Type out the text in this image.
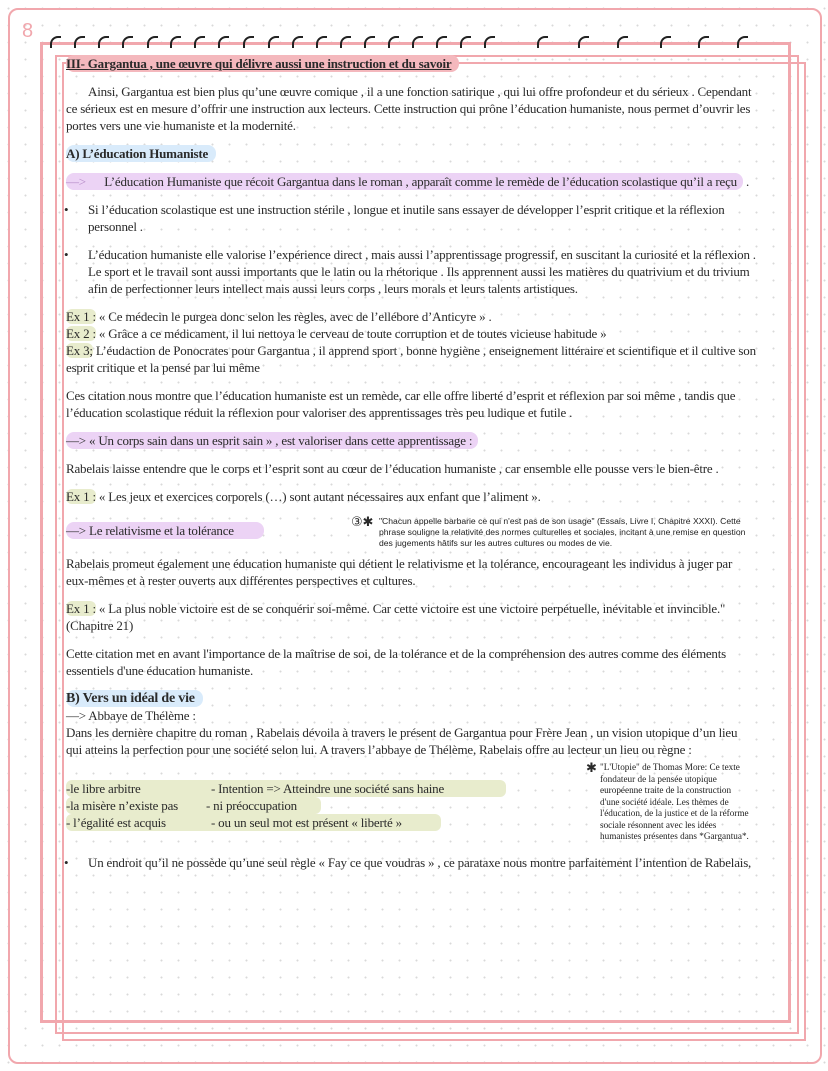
8
III- Gargantua , une œuvre qui délivre aussi une instruction et du savoir
Ainsi, Gargantua est bien plus qu’une œuvre comique , il a une fonction satirique , qui lui offre profondeur et du sérieux . Cependant ce sérieux est en mesure d’offrir une instruction aux lecteurs. Cette instruction qui prône l’éducation humaniste, nous permet d’ouvrir les portes vers une vie humaniste et la modernité.
A) L’éducation Humaniste
—> L’éducation Humaniste que récoit Gargantua dans le roman , apparaît comme le remède de l’éducation scolastique qu’il a reçu .
• Si l’éducation scolastique est une instruction stérile , longue et inutile sans essayer de développer l’esprit critique et la réflexion personnel .
• L’éducation humaniste elle valorise l’expérience direct , mais aussi l’apprentissage progressif, en suscitant la curiosité et la réflexion . Le sport et le travail sont aussi importants que le latin ou la rhétorique . Ils apprennent aussi les matières du quatrivium et du trivium afin de perfectionner leurs intellect mais aussi leurs corps , leurs morals et leurs talents artistiques.
Ex 1 : « Ce médecin le purgea donc selon les règles, avec de l’ellébore d’Anticyre » .
Ex 2 : « Grâce a ce médicament, il lui nettoya le cerveau de toute corruption et de toutes vicieuse habitude »
Ex 3; L’éudaction de Ponocrates pour Gargantua , il apprend sport , bonne hygiène , enseignement littéraire et scientifique et il cultive son esprit critique et la pensé par lui même
Ces citation nous montre que l’éducation humaniste est un remède, car elle offre liberté d’esprit et réflexion par soi même , tandis que l’éducation scolastique réduit la réflexion pour valoriser des apprentissages très peu ludique et futile .
—> « Un corps sain dans un esprit sain » , est valoriser dans cette apprentissage :
Rabelais laisse entendre que le corps et l’esprit sont au cœur de l’éducation humaniste , car ensemble elle pousse vers le bien-être .
Ex 1 : « Les jeux et exercices corporels (…) sont autant nécessaires aux enfant que l’aliment ».
—> Le relativisme et la tolérance
③✱ "Chacun appelle barbarie ce qui n'est pas de son usage" (Essais, Livre I, Chapitre XXXI). Cette phrase souligne la relativité des normes culturelles et sociales, incitant à une remise en question des jugements hâtifs sur les autres cultures ou modes de vie.
Rabelais promeut également une éducation humaniste qui détient le relativisme et la tolérance, encourageant les individus à juger par eux-mêmes et à rester ouverts aux différentes perspectives et cultures.
Ex 1 : « La plus noble victoire est de se conquérir soi-même. Car cette victoire est une victoire perpétuelle, inévitable et invincible." (Chapitre 21)
Cette citation met en avant l'importance de la maîtrise de soi, de la tolérance et de la compréhension des autres comme des éléments essentiels d'une éducation humaniste.
B) Vers un idéal de vie
—> Abbaye de Thélème :
Dans les dernière chapitre du roman , Rabelais dévoila à travers le présent de Gargantua pour Frère Jean , un vision utopique d’un lieu qui atteins la perfection pour une société selon lui. A travers l’abbaye de Thélème, Rabelais offre au lecteur un lieu ou règne :
-le libre arbitre	- Intention => Atteindre une société sans haine
-la misère n’existe pas	- ni préoccupation
- l’égalité est acquis	- ou un seul mot est présent « liberté »
✱ "L'Utopie" de Thomas More: Ce texte fondateur de la pensée utopique européenne traite de la construction d'une société idéale. Les thèmes de l'éducation, de la justice et de la réforme sociale résonnent avec les idées humanistes présentes dans *Gargantua*.
• Un endroit qu’il ne possède qu’une seul règle « Fay ce que voudras » , ce parataxe nous montre parfaitement l’intention de Rabelais,
